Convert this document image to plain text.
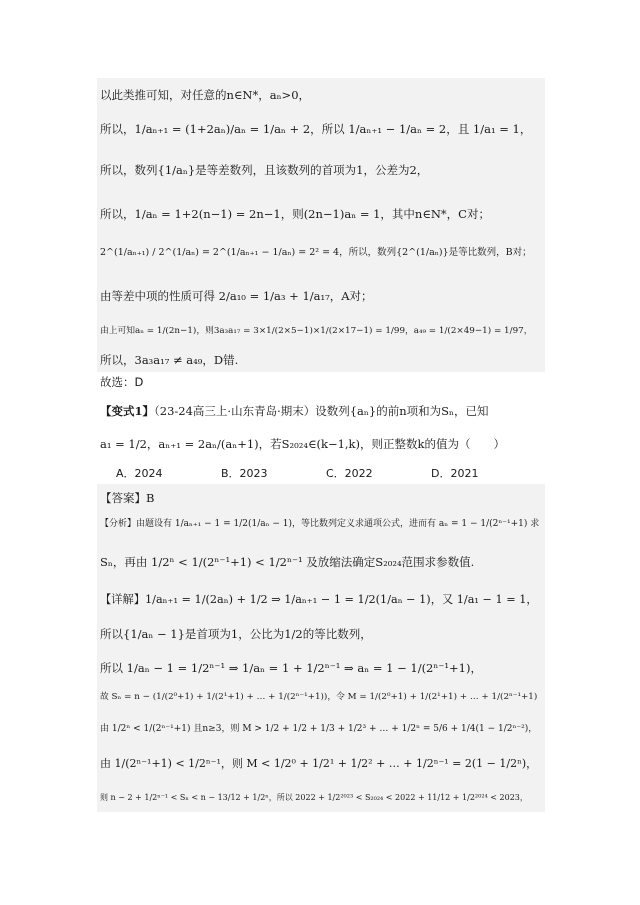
以此类推可知，对任意的n∈N*，aₙ>0，
所以，1/aₙ₊₁ = (1+2aₙ)/aₙ = 1/aₙ + 2，所以 1/aₙ₊₁ − 1/aₙ = 2，且 1/a₁ = 1，
所以，数列{1/aₙ}是等差数列，且该数列的首项为1，公差为2，
所以，1/aₙ = 1+2(n−1) = 2n−1，则(2n−1)aₙ = 1，其中n∈N*，C对；
2^(1/aₙ₊₁) / 2^(1/aₙ) = 2^(1/aₙ₊₁ − 1/aₙ) = 2² = 4，所以，数列{2^(1/aₙ)}是等比数列，B对；
由等差中项的性质可得 2/a₁₀ = 1/a₃ + 1/a₁₇，A对；
由上可知aₙ = 1/(2n−1)，则3a₃a₁₇ = 3×1/(2×5−1)×1/(2×17−1) = 1/99，a₄₉ = 1/(2×49−1) = 1/97，
所以，3a₃a₁₇ ≠ a₄₉，D错.
故选：D
【变式1】（23-24高三上·山东青岛·期末）设数列{aₙ}的前n项和为Sₙ，已知
a₁ = 1/2，aₙ₊₁ = 2aₙ/(aₙ+1)，若S₂₀₂₄∈(k−1,k)，则正整数k的值为（　　）
A．2024	B．2023	C．2022	D．2021
【答案】B
【分析】由题设有 1/aₙ₊₁ − 1 = 1/2(1/aₙ − 1)，等比数列定义求通项公式，进而有 aₙ = 1 − 1/(2ⁿ⁻¹+1) 求
Sₙ，再由 1/2ⁿ < 1/(2ⁿ⁻¹+1) < 1/2ⁿ⁻¹ 及放缩法确定S₂₀₂₄范围求参数值.
【详解】1/aₙ₊₁ = 1/(2aₙ) + 1/2 ⇒ 1/aₙ₊₁ − 1 = 1/2(1/aₙ − 1)，又 1/a₁ − 1 = 1，
所以{1/aₙ − 1}是首项为1，公比为1/2的等比数列，
所以 1/aₙ − 1 = 1/2ⁿ⁻¹ ⇒ 1/aₙ = 1 + 1/2ⁿ⁻¹ ⇒ aₙ = 1 − 1/(2ⁿ⁻¹+1)，
故 Sₙ = n − (1/(2⁰+1) + 1/(2¹+1) + … + 1/(2ⁿ⁻¹+1))，令 M = 1/(2⁰+1) + 1/(2¹+1) + … + 1/(2ⁿ⁻¹+1)
由 1/2ⁿ < 1/(2ⁿ⁻¹+1) 且n≥3，则 M > 1/2 + 1/2 + 1/3 + 1/2³ + … + 1/2ⁿ = 5/6 + 1/4(1 − 1/2ⁿ⁻²)，
由 1/(2ⁿ⁻¹+1) < 1/2ⁿ⁻¹，则 M < 1/2⁰ + 1/2¹ + 1/2² + … + 1/2ⁿ⁻¹ = 2(1 − 1/2ⁿ)，
则 n − 2 + 1/2ⁿ⁻¹ < Sₙ < n − 13/12 + 1/2ⁿ，所以 2022 + 1/2²⁰²³ < S₂₀₂₄ < 2022 + 11/12 + 1/2²⁰²⁴ < 2023，
